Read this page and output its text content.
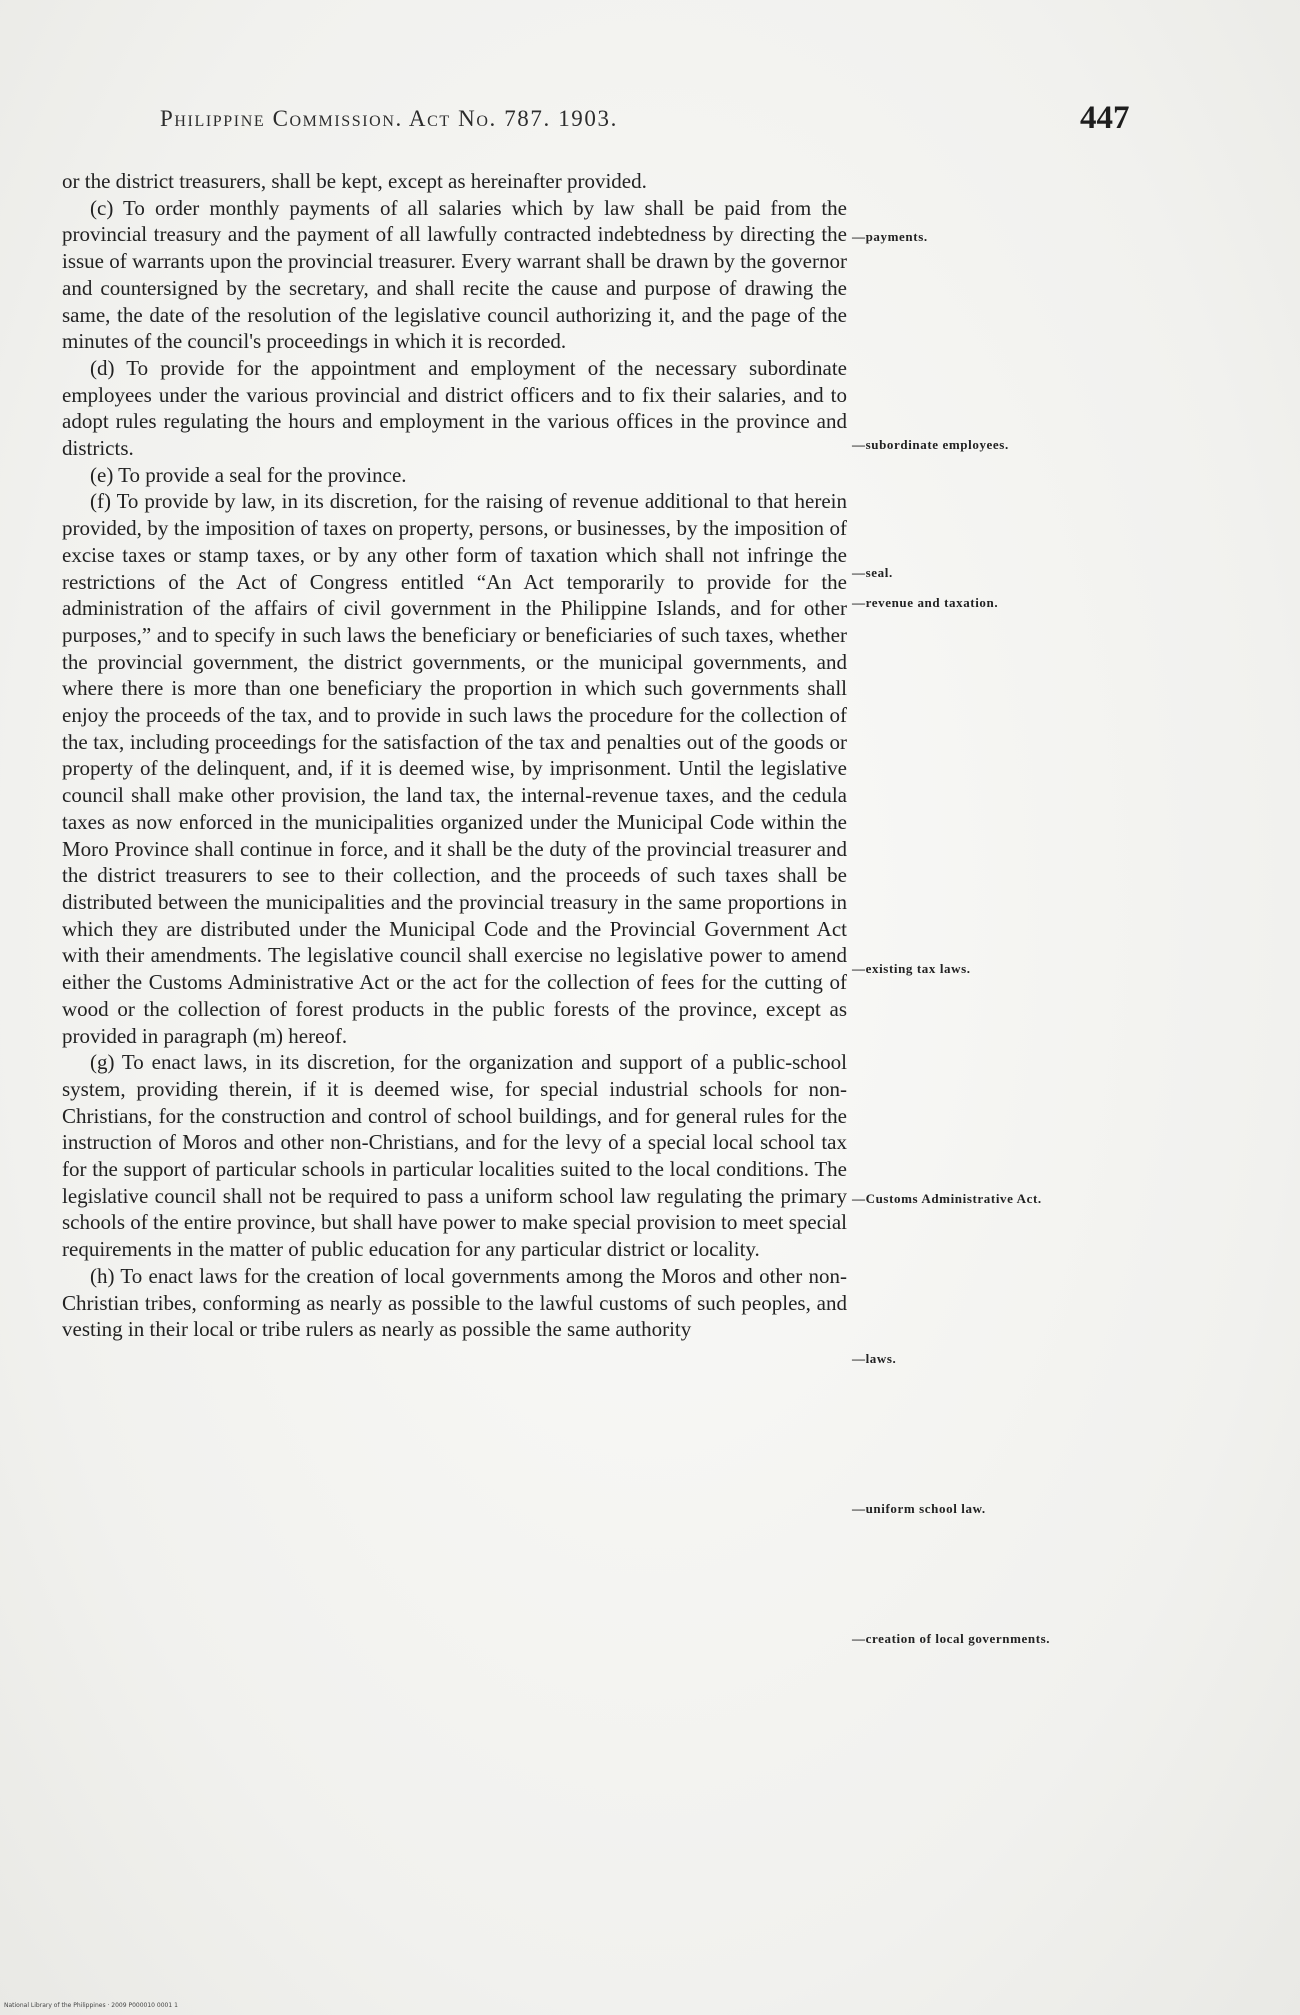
Philippine Commission. Act No. 787. 1903.	447

or the district treasurers, shall be kept, except as hereinafter provided.

(c) To order monthly payments of all salaries which by law shall be paid from the provincial treasury and the payment of all lawfully contracted indebtedness by directing the issue of warrants upon the provincial treasurer. Every warrant shall be drawn by the governor and countersigned by the secretary, and shall recite the cause and purpose of drawing the same, the date of the resolution of the legislative council authorizing it, and the page of the minutes of the council's proceedings in which it is recorded.

(d) To provide for the appointment and employment of the necessary subordinate employees under the various provincial and district officers and to fix their salaries, and to adopt rules regulating the hours and employment in the various offices in the province and districts.

(e) To provide a seal for the province.

(f) To provide by law, in its discretion, for the raising of revenue additional to that herein provided, by the imposition of taxes on property, persons, or businesses, by the imposition of excise taxes or stamp taxes, or by any other form of taxation which shall not infringe the restrictions of the Act of Congress entitled “An Act temporarily to provide for the administration of the affairs of civil government in the Philippine Islands, and for other purposes,” and to specify in such laws the beneficiary or beneficiaries of such taxes, whether the provincial government, the district governments, or the municipal governments, and where there is more than one beneficiary the proportion in which such governments shall enjoy the proceeds of the tax, and to provide in such laws the procedure for the collection of the tax, including proceedings for the satisfaction of the tax and penalties out of the goods or property of the delinquent, and, if it is deemed wise, by imprisonment. Until the legislative council shall make other provision, the land tax, the internal-revenue taxes, and the cedula taxes as now enforced in the municipalities organized under the Municipal Code within the Moro Province shall continue in force, and it shall be the duty of the provincial treasurer and the district treasurers to see to their collection, and the proceeds of such taxes shall be distributed between the municipalities and the provincial treasury in the same proportions in which they are distributed under the Municipal Code and the Provincial Government Act with their amendments. The legislative council shall exercise no legislative power to amend either the Customs Administrative Act or the act for the collection of fees for the cutting of wood or the collection of forest products in the public forests of the province, except as provided in paragraph (m) hereof.

(g) To enact laws, in its discretion, for the organization and support of a public-school system, providing therein, if it is deemed wise, for special industrial schools for non-Christians, for the construction and control of school buildings, and for general rules for the instruction of Moros and other non-Christians, and for the levy of a special local school tax for the support of particular schools in particular localities suited to the local conditions. The legislative council shall not be required to pass a uniform school law regulating the primary schools of the entire province, but shall have power to make special provision to meet special requirements in the matter of public education for any particular district or locality.

(h) To enact laws for the creation of local governments among the Moros and other non-Christian tribes, conforming as nearly as possible to the lawful customs of such peoples, and vesting in their local or tribe rulers as nearly as possible the same authority

—payments.
—subordinate employees.
—seal.
—revenue and taxation.
—existing tax laws.
—Customs Administrative Act.
—laws.
—uniform school law.
—creation of local governments.
National Library of the Philippines · 2009 P000010 0001 1
